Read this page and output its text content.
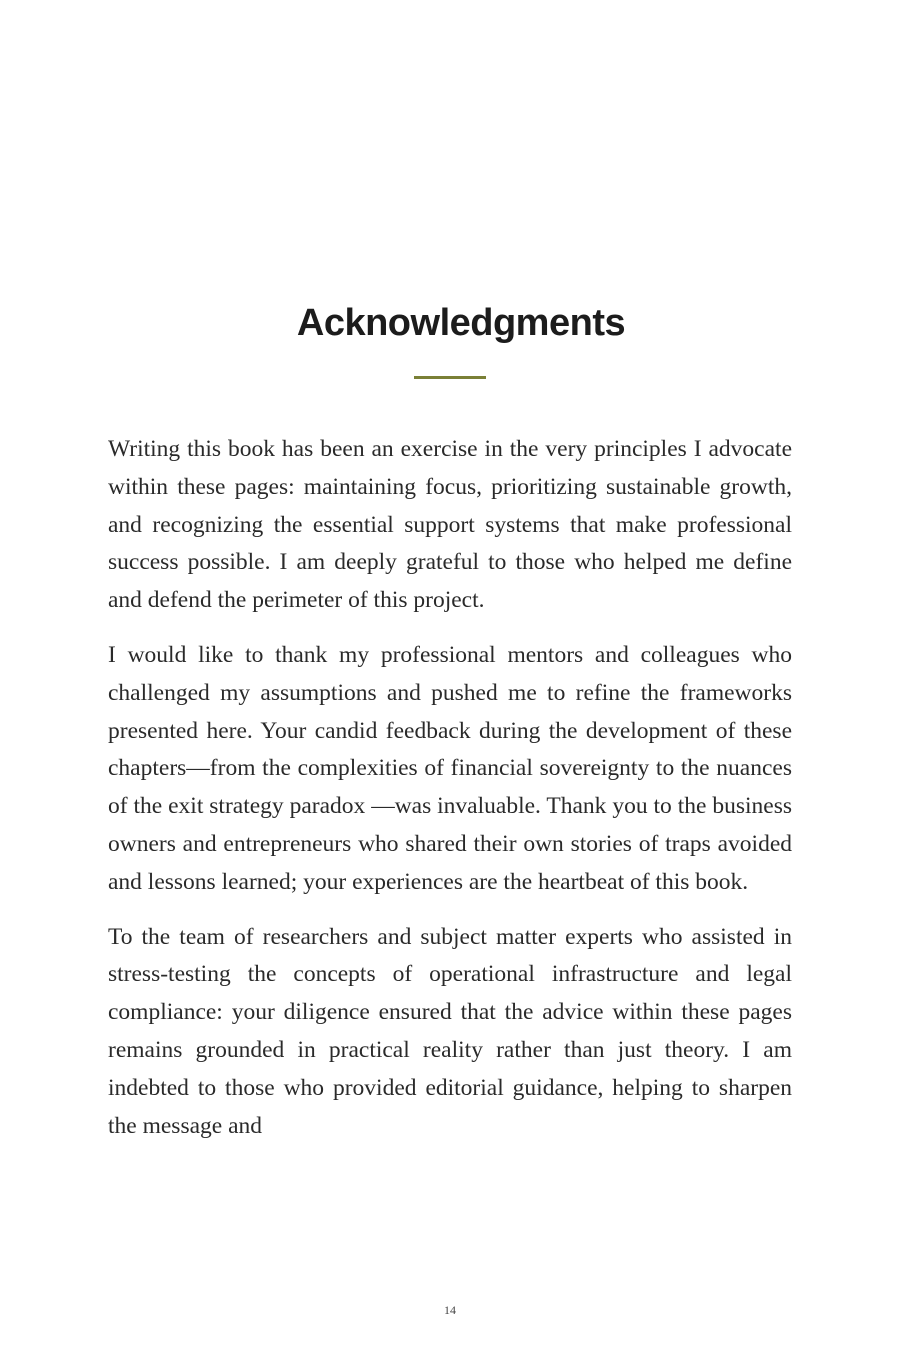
Acknowledgments

Writing this book has been an exercise in the very principles I advocate within these pages: maintaining focus, prioritizing sustainable growth, and recognizing the essential support systems that make professional success possible. I am deeply grateful to those who helped me define and defend the perimeter of this project.

I would like to thank my professional mentors and colleagues who challenged my assumptions and pushed me to refine the frameworks presented here. Your candid feedback during the development of these chapters—from the complexities of financial sovereignty to the nuances of the exit strategy paradox —was invaluable. Thank you to the business owners and entrepreneurs who shared their own stories of traps avoided and lessons learned; your experiences are the heartbeat of this book.

To the team of researchers and subject matter experts who assisted in stress-testing the concepts of operational infrastructure and legal compliance: your diligence ensured that the advice within these pages remains grounded in practical reality rather than just theory. I am indebted to those who provided editorial guidance, helping to sharpen the message and

14
